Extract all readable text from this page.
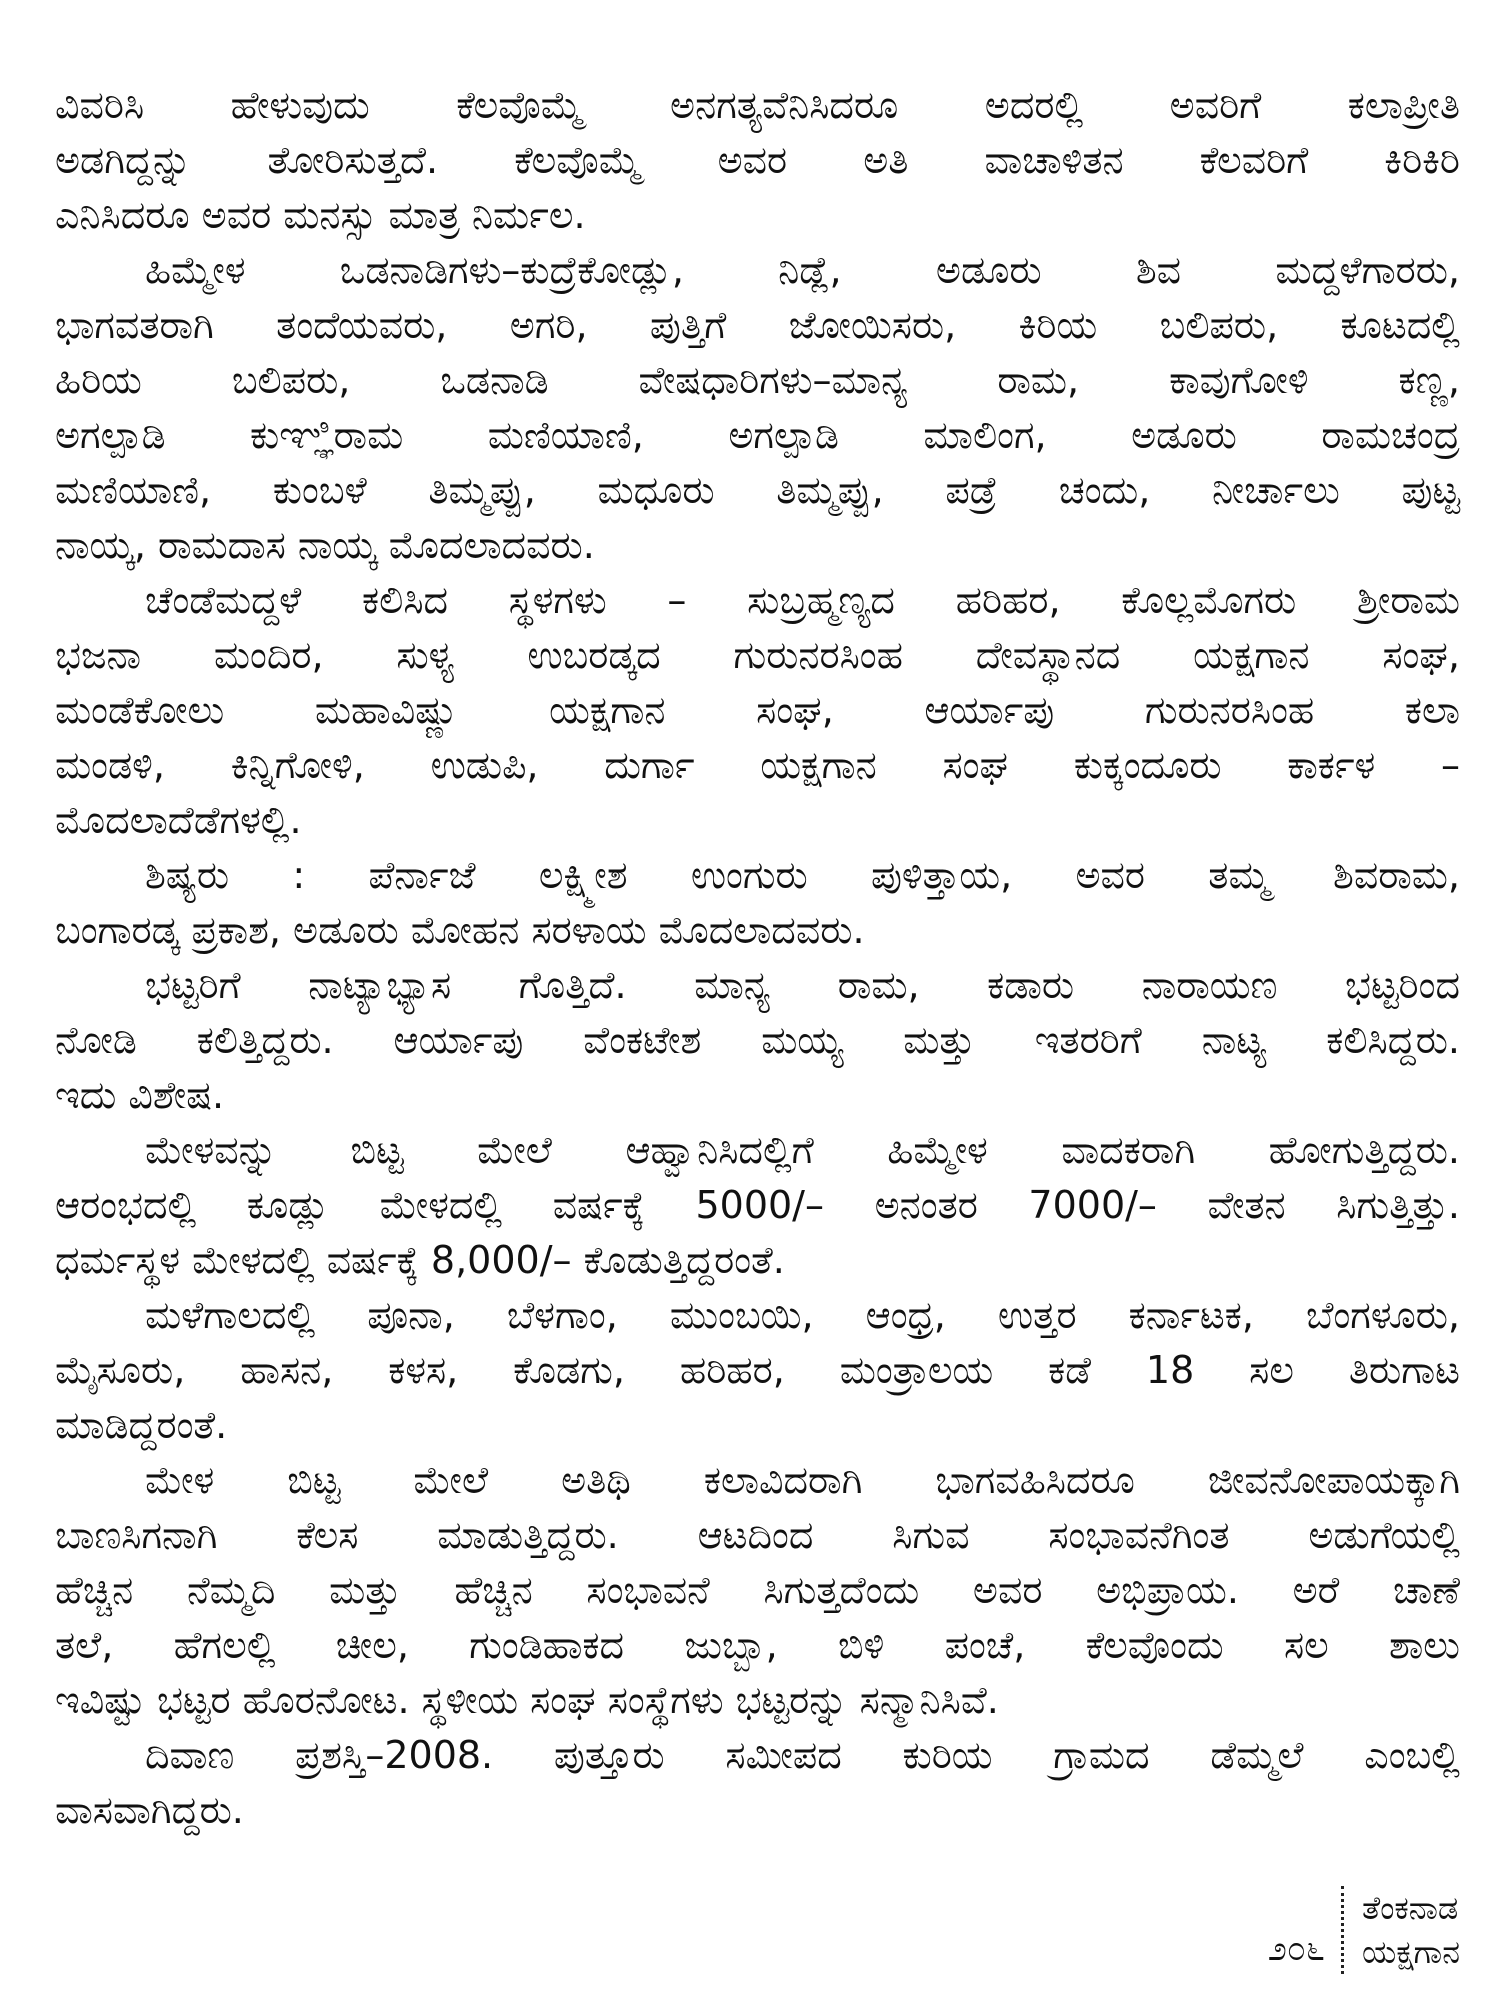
ವಿವರಿಸಿ ಹೇಳುವುದು ಕೆಲವೊಮ್ಮೆ ಅನಗತ್ಯವೆನಿಸಿದರೂ ಅದರಲ್ಲಿ ಅವರಿಗೆ ಕಲಾಪ್ರೀತಿ
ಅಡಗಿದ್ದನ್ನು ತೋರಿಸುತ್ತದೆ. ಕೆಲವೊಮ್ಮೆ ಅವರ ಅತಿ ವಾಚಾಳಿತನ ಕೆಲವರಿಗೆ ಕಿರಿಕಿರಿ
ಎನಿಸಿದರೂ ಅವರ ಮನಸ್ಸು ಮಾತ್ರ ನಿರ್ಮಲ.
ಹಿಮ್ಮೇಳ ಒಡನಾಡಿಗಳು–ಕುದ್ರೆಕೋಡ್ಲು, ನಿಡ್ಲೆ, ಅಡೂರು ಶಿವ ಮದ್ದಳೆಗಾರರು,
ಭಾಗವತರಾಗಿ ತಂದೆಯವರು, ಅಗರಿ, ಪುತ್ತಿಗೆ ಜೋಯಿಸರು, ಕಿರಿಯ ಬಲಿಪರು, ಕೂಟದಲ್ಲಿ
ಹಿರಿಯ ಬಲಿಪರು, ಒಡನಾಡಿ ವೇಷಧಾರಿಗಳು–ಮಾನ್ಯ ರಾಮ, ಕಾವುಗೋಳಿ ಕಣ್ಣ,
ಅಗಲ್ಪಾಡಿ ಕುಞ್ಞಿರಾಮ ಮಣಿಯಾಣಿ, ಅಗಲ್ಪಾಡಿ ಮಾಲಿಂಗ, ಅಡೂರು ರಾಮಚಂದ್ರ
ಮಣಿಯಾಣಿ, ಕುಂಬಳೆ ತಿಮ್ಮಪ್ಪು, ಮಧೂರು ತಿಮ್ಮಪ್ಪು, ಪಡ್ರೆ ಚಂದು, ನೀರ್ಚಾಲು ಪುಟ್ಟ
ನಾಯ್ಕ, ರಾಮದಾಸ ನಾಯ್ಕ ಮೊದಲಾದವರು.
ಚೆಂಡೆಮದ್ದಳೆ ಕಲಿಸಿದ ಸ್ಥಳಗಳು – ಸುಬ್ರಹ್ಮಣ್ಯದ ಹರಿಹರ, ಕೊಲ್ಲಮೊಗರು ಶ್ರೀರಾಮ
ಭಜನಾ ಮಂದಿರ, ಸುಳ್ಯ ಉಬರಡ್ಕದ ಗುರುನರಸಿಂಹ ದೇವಸ್ಥಾನದ ಯಕ್ಷಗಾನ ಸಂಘ,
ಮಂಡೆಕೋಲು ಮಹಾವಿಷ್ಣು ಯಕ್ಷಗಾನ ಸಂಘ, ಆರ್ಯಾಪು ಗುರುನರಸಿಂಹ ಕಲಾ
ಮಂಡಳಿ, ಕಿನ್ನಿಗೋಳಿ, ಉಡುಪಿ, ದುರ್ಗಾ ಯಕ್ಷಗಾನ ಸಂಘ ಕುಕ್ಕಂದೂರು ಕಾರ್ಕಳ –
ಮೊದಲಾದೆಡೆಗಳಲ್ಲಿ.
ಶಿಷ್ಯರು : ಪೆರ್ನಾಜೆ ಲಕ್ಷ್ಮೀಶ ಉಂಗುರು ಪುಳಿತ್ತಾಯ, ಅವರ ತಮ್ಮ ಶಿವರಾಮ,
ಬಂಗಾರಡ್ಕ ಪ್ರಕಾಶ, ಅಡೂರು ಮೋಹನ ಸರಳಾಯ ಮೊದಲಾದವರು.
ಭಟ್ಟರಿಗೆ ನಾಟ್ಯಾಭ್ಯಾಸ ಗೊತ್ತಿದೆ. ಮಾನ್ಯ ರಾಮ, ಕಡಾರು ನಾರಾಯಣ ಭಟ್ಟರಿಂದ
ನೋಡಿ ಕಲಿತ್ತಿದ್ದರು. ಆರ್ಯಾಪು ವೆಂಕಟೇಶ ಮಯ್ಯ ಮತ್ತು ಇತರರಿಗೆ ನಾಟ್ಯ ಕಲಿಸಿದ್ದರು.
ಇದು ವಿಶೇಷ.
ಮೇಳವನ್ನು ಬಿಟ್ಟ ಮೇಲೆ ಆಹ್ವಾನಿಸಿದಲ್ಲಿಗೆ ಹಿಮ್ಮೇಳ ವಾದಕರಾಗಿ ಹೋಗುತ್ತಿದ್ದರು.
ಆರಂಭದಲ್ಲಿ ಕೂಡ್ಲು ಮೇಳದಲ್ಲಿ ವರ್ಷಕ್ಕೆ 5000/– ಅನಂತರ 7000/– ವೇತನ ಸಿಗುತ್ತಿತ್ತು.
ಧರ್ಮಸ್ಥಳ ಮೇಳದಲ್ಲಿ ವರ್ಷಕ್ಕೆ 8,000/– ಕೊಡುತ್ತಿದ್ದರಂತೆ.
ಮಳೆಗಾಲದಲ್ಲಿ ಪೂನಾ, ಬೆಳಗಾಂ, ಮುಂಬಯಿ, ಆಂಧ್ರ, ಉತ್ತರ ಕರ್ನಾಟಕ, ಬೆಂಗಳೂರು,
ಮೈಸೂರು, ಹಾಸನ, ಕಳಸ, ಕೊಡಗು, ಹರಿಹರ, ಮಂತ್ರಾಲಯ ಕಡೆ 18 ಸಲ ತಿರುಗಾಟ
ಮಾಡಿದ್ದರಂತೆ.
ಮೇಳ ಬಿಟ್ಟ ಮೇಲೆ ಅತಿಥಿ ಕಲಾವಿದರಾಗಿ ಭಾಗವಹಿಸಿದರೂ ಜೀವನೋಪಾಯಕ್ಕಾಗಿ
ಬಾಣಸಿಗನಾಗಿ ಕೆಲಸ ಮಾಡುತ್ತಿದ್ದರು. ಆಟದಿಂದ ಸಿಗುವ ಸಂಭಾವನೆಗಿಂತ ಅಡುಗೆಯಲ್ಲಿ
ಹೆಚ್ಚಿನ ನೆಮ್ಮದಿ ಮತ್ತು ಹೆಚ್ಚಿನ ಸಂಭಾವನೆ ಸಿಗುತ್ತದೆಂದು ಅವರ ಅಭಿಪ್ರಾಯ. ಅರೆ ಚಾಣೆ
ತಲೆ, ಹೆಗಲಲ್ಲಿ ಚೀಲ, ಗುಂಡಿಹಾಕದ ಜುಬ್ಬಾ, ಬಿಳಿ ಪಂಚೆ, ಕೆಲವೊಂದು ಸಲ ಶಾಲು
ಇವಿಷ್ಟು ಭಟ್ಟರ ಹೊರನೋಟ. ಸ್ಥಳೀಯ ಸಂಘ ಸಂಸ್ಥೆಗಳು ಭಟ್ಟರನ್ನು ಸನ್ಮಾನಿಸಿವೆ.
ದಿವಾಣ ಪ್ರಶಸ್ತಿ–2008. ಪುತ್ತೂರು ಸಮೀಪದ ಕುರಿಯ ಗ್ರಾಮದ ಡೆಮ್ಮಲೆ ಎಂಬಲ್ಲಿ
ವಾಸವಾಗಿದ್ದರು.
೨೦೬
ತೆಂಕನಾಡ
ಯಕ್ಷಗಾನ
